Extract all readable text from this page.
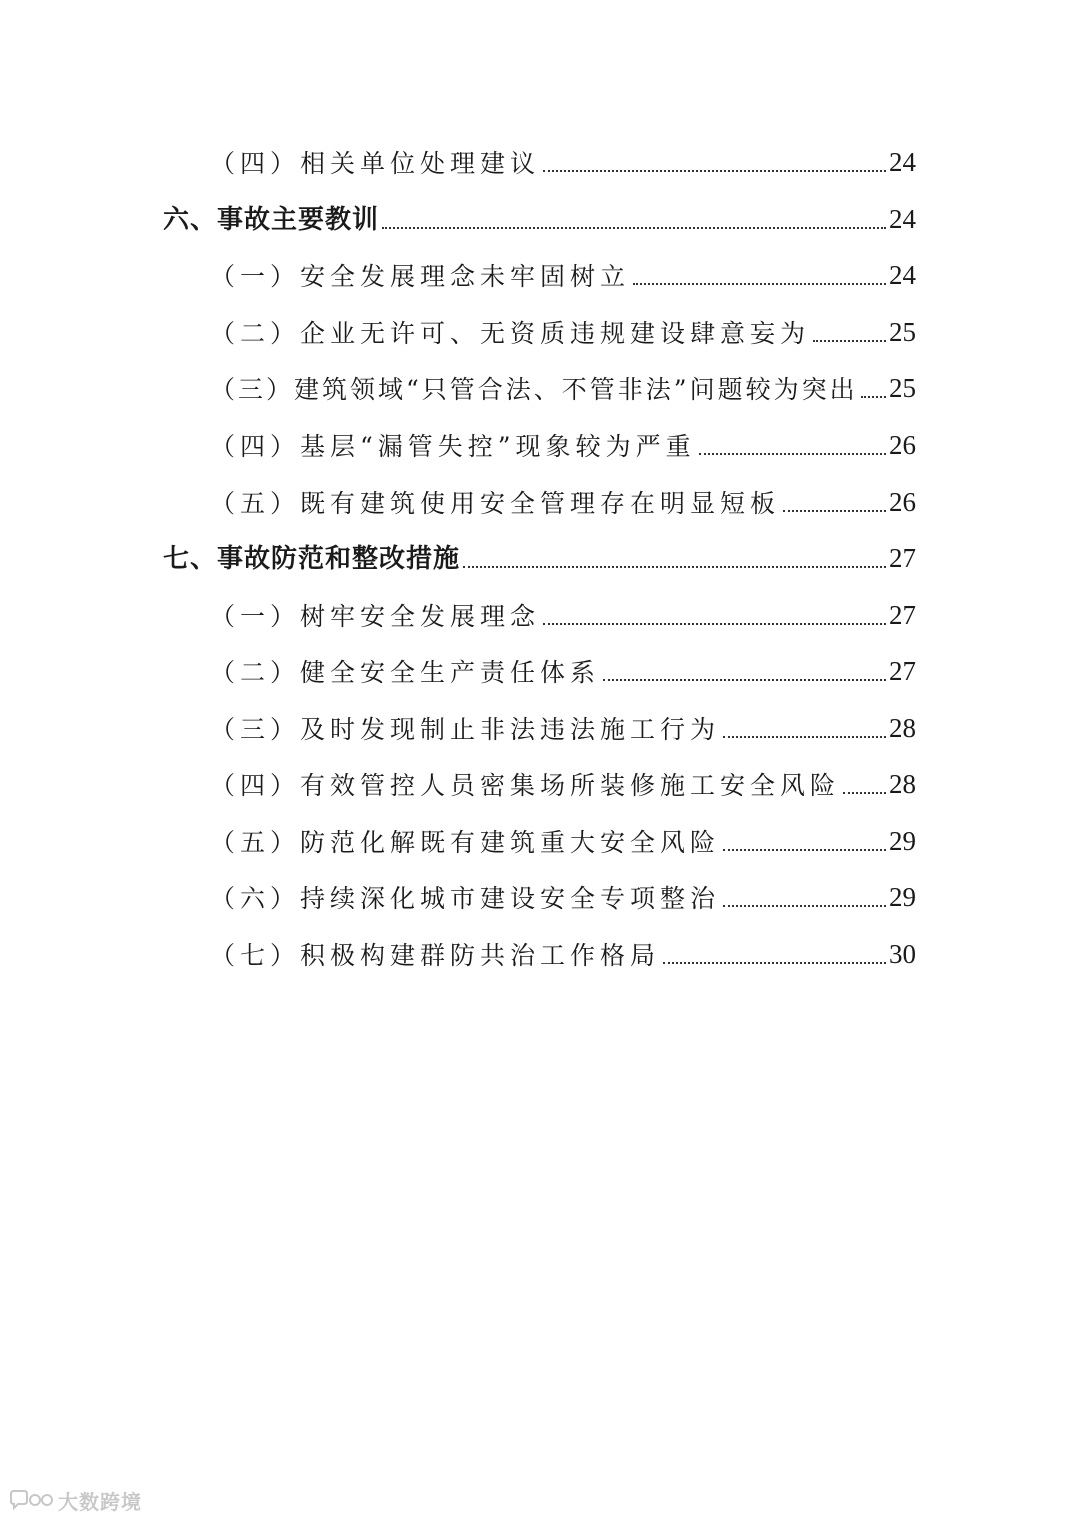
（四）相关单位处理建议	24
六、事故主要教训	24
（一）安全发展理念未牢固树立	24
（二）企业无许可、无资质违规建设肆意妄为	25
（三）建筑领域“只管合法、不管非法”问题较为突出 25
（四）基层“漏管失控”现象较为严重	26
（五）既有建筑使用安全管理存在明显短板	26
七、事故防范和整改措施	27
（一）树牢安全发展理念	27
（二）健全安全生产责任体系	27
（三）及时发现制止非法违法施工行为	28
（四）有效管控人员密集场所装修施工安全风险 28
（五）防范化解既有建筑重大安全风险	29
（六）持续深化城市建设安全专项整治	29
（七）积极构建群防共治工作格局	30
大数跨境
